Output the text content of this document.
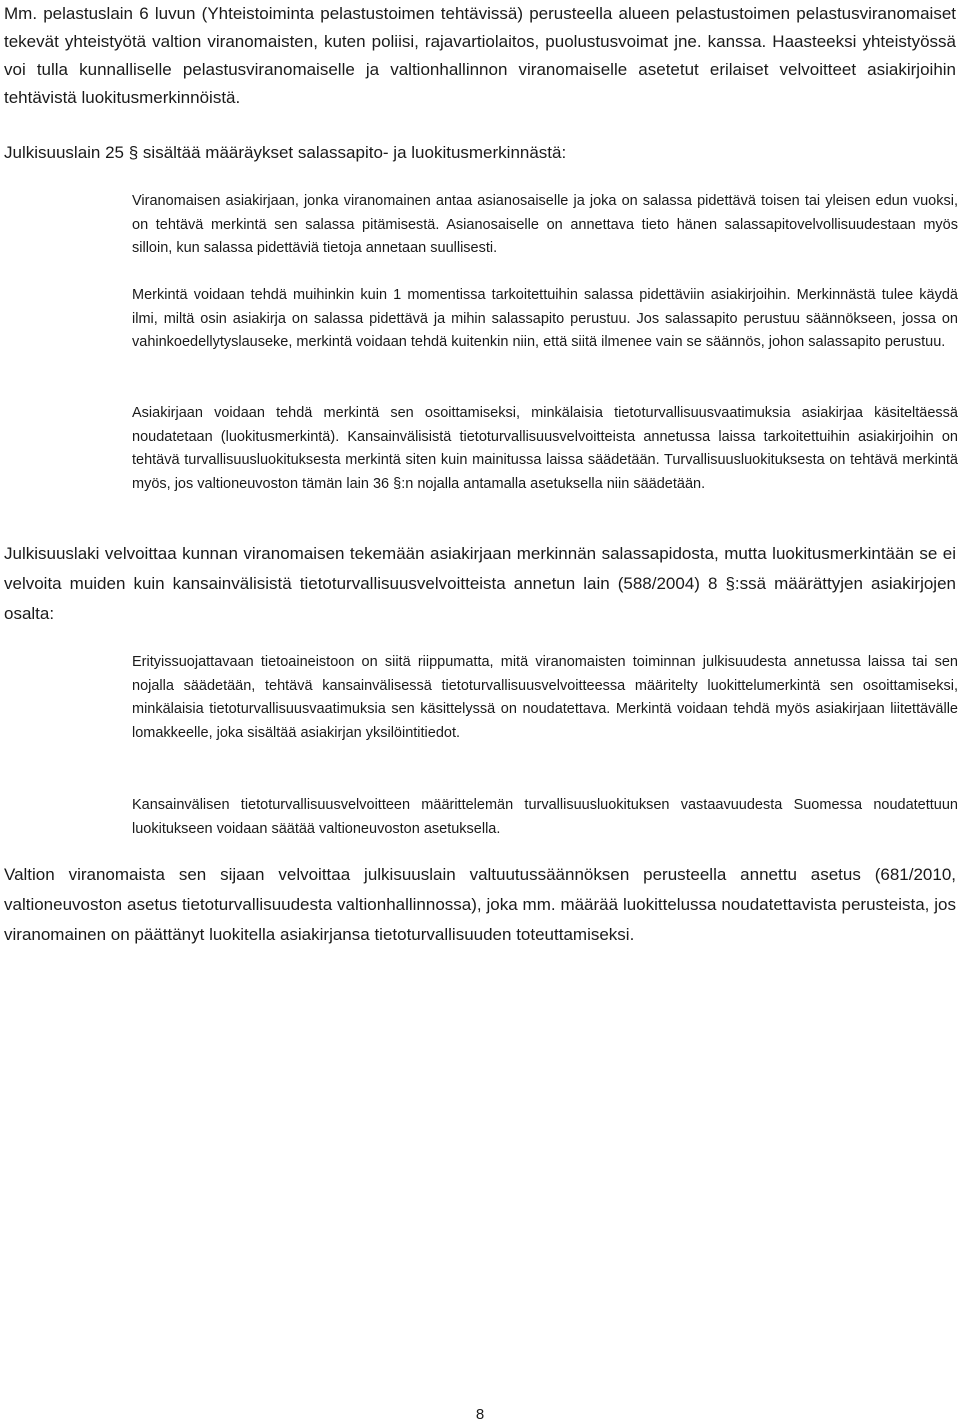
Mm. pelastuslain 6 luvun (Yhteistoiminta pelastustoimen tehtävissä) perusteella alueen pelastustoimen pelastusviranomaiset tekevät yhteistyötä valtion viranomaisten, kuten poliisi, rajavartiolaitos, puolustusvoimat jne. kanssa. Haasteeksi yhteistyössä voi tulla kunnalliselle pelastusviranomaiselle ja valtionhallinnon viranomaiselle asetetut erilaiset velvoitteet asiakirjoihin tehtävistä luokitusmerkinnöistä.

Julkisuuslain 25 § sisältää määräykset salassapito- ja luokitusmerkinnästä:

Viranomaisen asiakirjaan, jonka viranomainen antaa asianosaiselle ja joka on salassa pidettävä toisen tai yleisen edun vuoksi, on tehtävä merkintä sen salassa pitämisestä. Asianosaiselle on annettava tieto hänen salassapitovelvollisuudestaan myös silloin, kun salassa pidettäviä tietoja annetaan suullisesti.

Merkintä voidaan tehdä muihinkin kuin 1 momentissa tarkoitettuihin salassa pidettäviin asiakirjoihin. Merkinnästä tulee käydä ilmi, miltä osin asiakirja on salassa pidettävä ja mihin salassapito perustuu. Jos salassapito perustuu säännökseen, jossa on vahinkoedellytyslauseke, merkintä voidaan tehdä kuitenkin niin, että siitä ilmenee vain se säännös, johon salassapito perustuu.

Asiakirjaan voidaan tehdä merkintä sen osoittamiseksi, minkälaisia tietoturvallisuusvaatimuksia asiakirjaa käsiteltäessä noudatetaan (luokitusmerkintä). Kansainvälisistä tietoturvallisuusvelvoitteista annetussa laissa tarkoitettuihin asiakirjoihin on tehtävä turvallisuusluokituksesta merkintä siten kuin mainitussa laissa säädetään. Turvallisuusluokituksesta on tehtävä merkintä myös, jos valtioneuvoston tämän lain 36 §:n nojalla antamalla asetuksella niin säädetään.

Julkisuuslaki velvoittaa kunnan viranomaisen tekemään asiakirjaan merkinnän salassapidosta, mutta luokitusmerkintään se ei velvoita muiden kuin kansainvälisistä tietoturvallisuusvelvoitteista annetun lain (588/2004) 8 §:ssä määrättyjen asiakirjojen osalta:

Erityissuojattavaan tietoaineistoon on siitä riippumatta, mitä viranomaisten toiminnan julkisuudesta annetussa laissa tai sen nojalla säädetään, tehtävä kansainvälisessä tietoturvallisuusvelvoitteessa määritelty luokittelumerkintä sen osoittamiseksi, minkälaisia tietoturvallisuusvaatimuksia sen käsittelyssä on noudatettava. Merkintä voidaan tehdä myös asiakirjaan liitettävälle lomakkeelle, joka sisältää asiakirjan yksilöintitiedot.

Kansainvälisen tietoturvallisuusvelvoitteen määrittelemän turvallisuusluokituksen vastaavuudesta Suomessa noudatettuun luokitukseen voidaan säätää valtioneuvoston asetuksella.

Valtion viranomaista sen sijaan velvoittaa julkisuuslain valtuutussäännöksen perusteella annettu asetus (681/2010, valtioneuvoston asetus tietoturvallisuudesta valtionhallinnossa), joka mm. määrää luokittelussa noudatettavista perusteista, jos viranomainen on päättänyt luokitella asiakirjansa tietoturvallisuuden toteuttamiseksi.

8
